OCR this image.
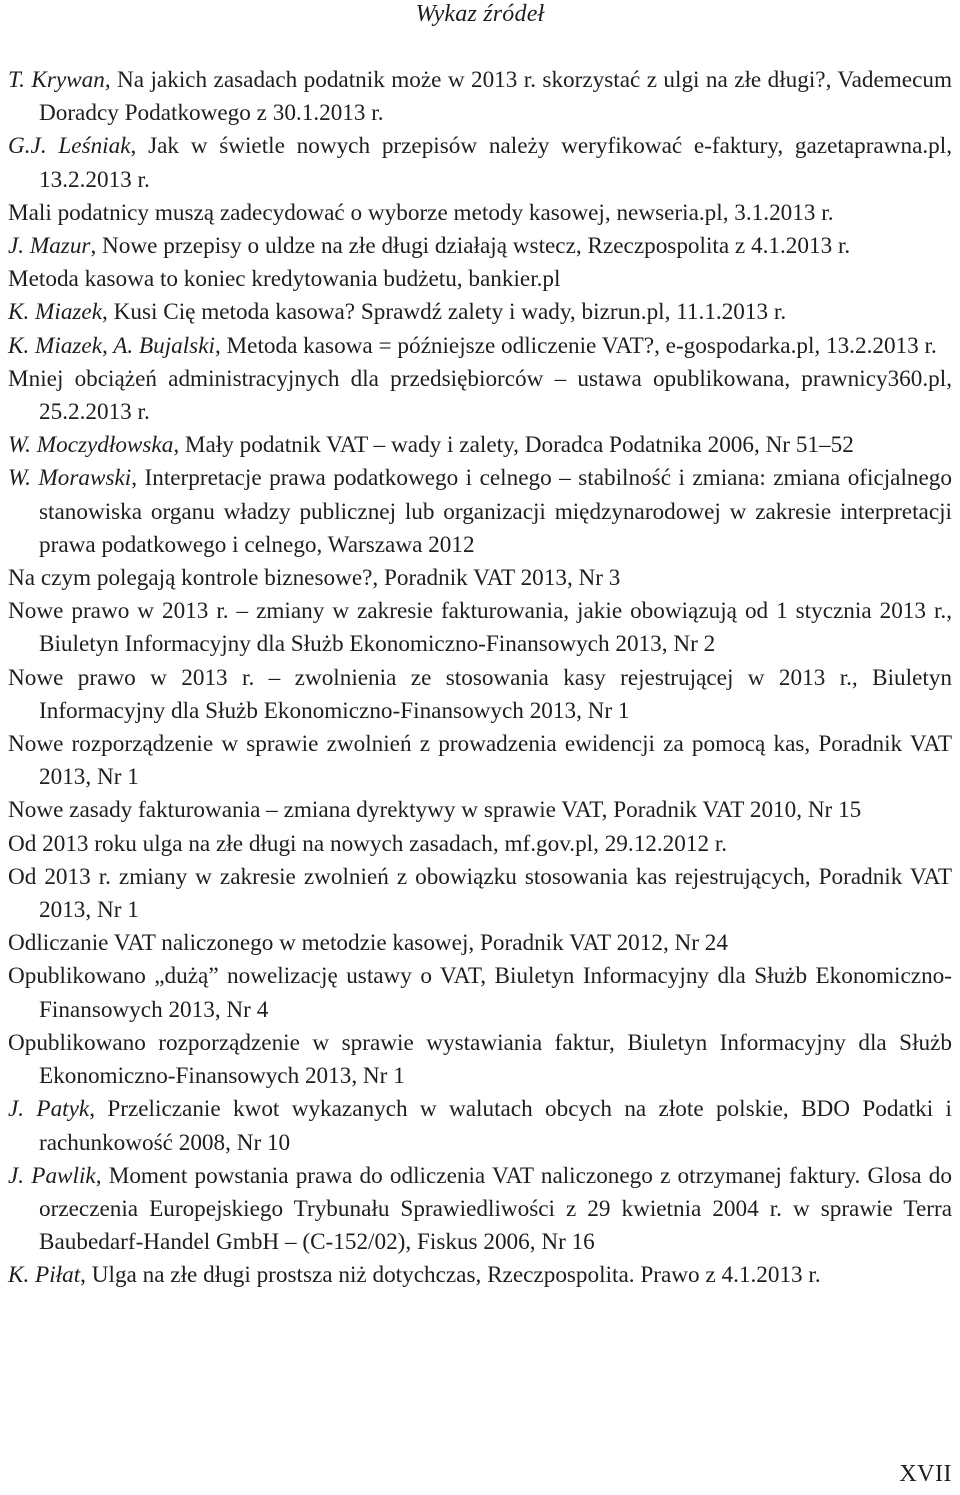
Wykaz źródeł
T. Krywan, Na jakich zasadach podatnik może w 2013 r. skorzystać z ulgi na złe długi?, Vademecum Doradcy Podatkowego z 30.1.2013 r.
G.J. Leśniak, Jak w świetle nowych przepisów należy weryfikować e-faktury, gazetaprawna.pl, 13.2.2013 r.
Mali podatnicy muszą zadecydować o wyborze metody kasowej, newseria.pl, 3.1.2013 r.
J. Mazur, Nowe przepisy o uldze na złe długi działają wstecz, Rzeczpospolita z 4.1.2013 r.
Metoda kasowa to koniec kredytowania budżetu, bankier.pl
K. Miazek, Kusi Cię metoda kasowa? Sprawdź zalety i wady, bizrun.pl, 11.1.2013 r.
K. Miazek, A. Bujalski, Metoda kasowa = późniejsze odliczenie VAT?, e-gospodarka.pl, 13.2.2013 r.
Mniej obciążeń administracyjnych dla przedsiębiorców – ustawa opublikowana, prawnicy360.pl, 25.2.2013 r.
W. Moczydłowska, Mały podatnik VAT – wady i zalety, Doradca Podatnika 2006, Nr 51–52
W. Morawski, Interpretacje prawa podatkowego i celnego – stabilność i zmiana: zmiana oficjalnego stanowiska organu władzy publicznej lub organizacji międzynarodowej w zakresie interpretacji prawa podatkowego i celnego, Warszawa 2012
Na czym polegają kontrole biznesowe?, Poradnik VAT 2013, Nr 3
Nowe prawo w 2013 r. – zmiany w zakresie fakturowania, jakie obowiązują od 1 stycznia 2013 r., Biuletyn Informacyjny dla Służb Ekonomiczno-Finansowych 2013, Nr 2
Nowe prawo w 2013 r. – zwolnienia ze stosowania kasy rejestrującej w 2013 r., Biuletyn Informacyjny dla Służb Ekonomiczno-Finansowych 2013, Nr 1
Nowe rozporządzenie w sprawie zwolnień z prowadzenia ewidencji za pomocą kas, Poradnik VAT 2013, Nr 1
Nowe zasady fakturowania – zmiana dyrektywy w sprawie VAT, Poradnik VAT 2010, Nr 15
Od 2013 roku ulga na złe długi na nowych zasadach, mf.gov.pl, 29.12.2012 r.
Od 2013 r. zmiany w zakresie zwolnień z obowiązku stosowania kas rejestrujących, Poradnik VAT 2013, Nr 1
Odliczanie VAT naliczonego w metodzie kasowej, Poradnik VAT 2012, Nr 24
Opublikowano „dużą” nowelizację ustawy o VAT, Biuletyn Informacyjny dla Służb Ekonomiczno-Finansowych 2013, Nr 4
Opublikowano rozporządzenie w sprawie wystawiania faktur, Biuletyn Informacyjny dla Służb Ekonomiczno-Finansowych 2013, Nr 1
J. Patyk, Przeliczanie kwot wykazanych w walutach obcych na złote polskie, BDO Podatki i rachunkowość 2008, Nr 10
J. Pawlik, Moment powstania prawa do odliczenia VAT naliczonego z otrzymanej faktury. Glosa do orzeczenia Europejskiego Trybunału Sprawiedliwości z 29 kwietnia 2004 r. w sprawie Terra Baubedarf-Handel GmbH – (C-152/02), Fiskus 2006, Nr 16
K. Piłat, Ulga na złe długi prostsza niż dotychczas, Rzeczpospolita. Prawo z 4.1.2013 r.
XVII
